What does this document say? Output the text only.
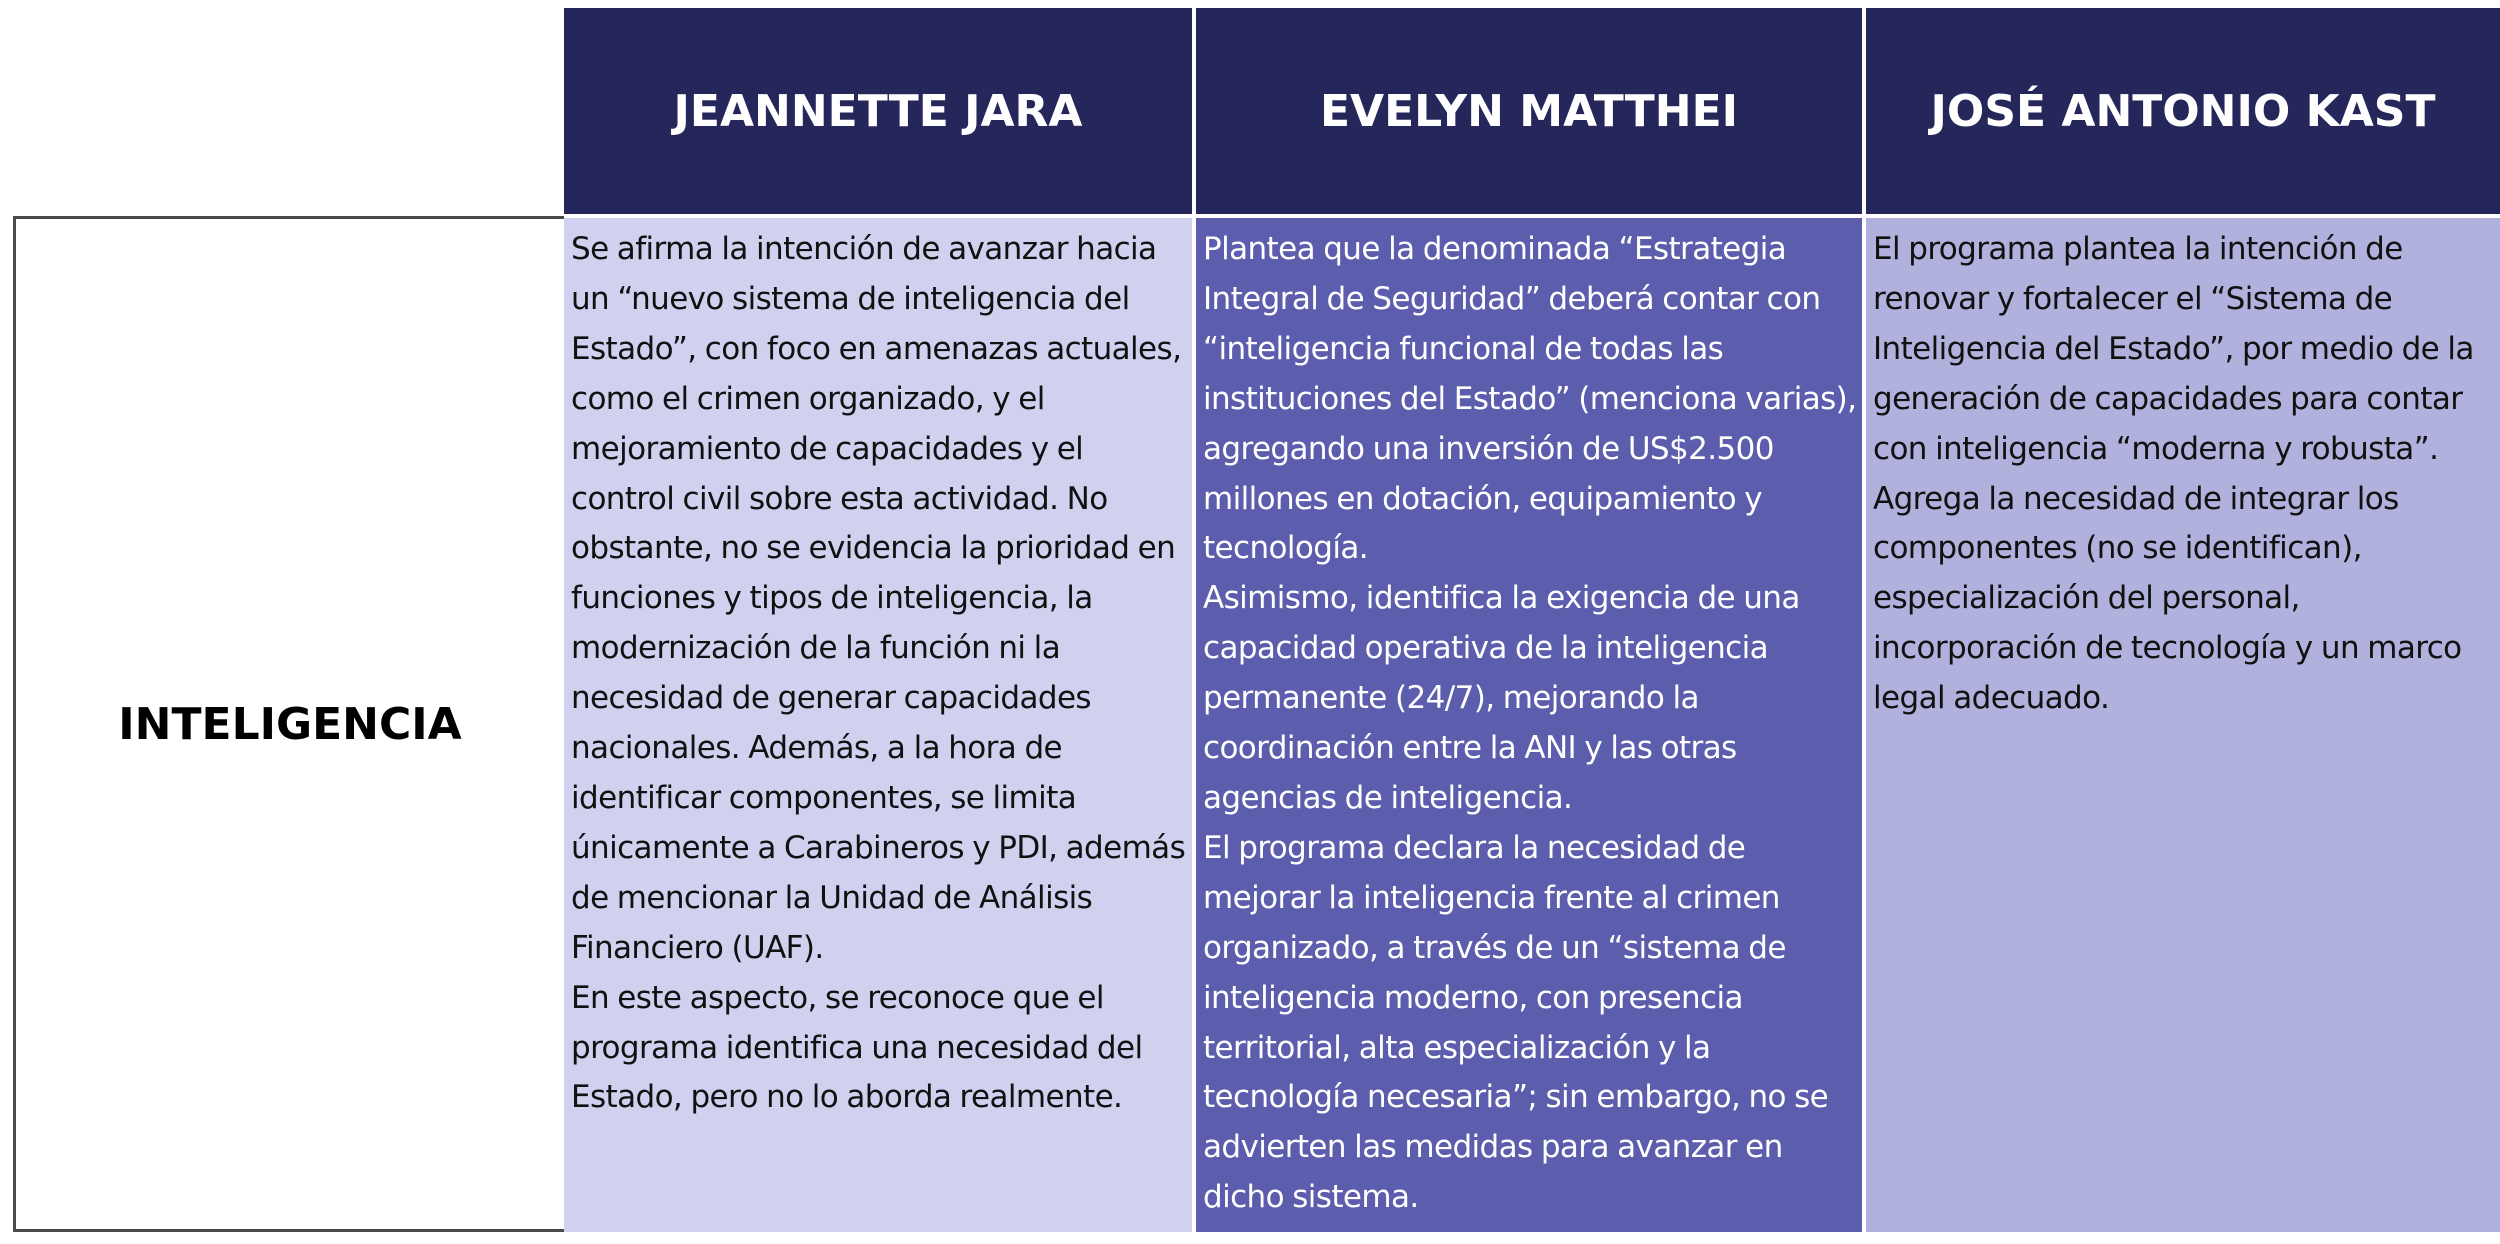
JEANNETTE JARA	EVELYN MATTHEI	JOSÉ ANTONIO KAST
INTELIGENCIA

Se afirma la intención de avanzar hacia un “nuevo sistema de inteligencia del Estado”, con foco en amenazas actuales, como el crimen organizado, y el mejoramiento de capacidades y el control civil sobre esta actividad. No obstante, no se evidencia la prioridad en funciones y tipos de inteligencia, la modernización de la función ni la necesidad de generar capacidades nacionales. Además, a la hora de identificar componentes, se limita únicamente a Carabineros y PDI, además de mencionar la Unidad de Análisis Financiero (UAF).

En este aspecto, se reconoce que el programa identifica una necesidad del Estado, pero no lo aborda realmente.

Plantea que la denominada “Estrategia Integral de Seguridad” deberá contar con “inteligencia funcional de todas las instituciones del Estado” (menciona varias), agregando una inversión de US$2.500 millones en dotación, equipamiento y tecnología.

Asimismo, identifica la exigencia de una capacidad operativa de la inteligencia permanente (24/7), mejorando la coordinación entre la ANI y las otras agencias de inteligencia.

El programa declara la necesidad de mejorar la inteligencia frente al crimen organizado, a través de un “sistema de inteligencia moderno, con presencia territorial, alta especialización y la tecnología necesaria”; sin embargo, no se advierten las medidas para avanzar en dicho sistema.

El programa plantea la intención de renovar y fortalecer el “Sistema de Inteligencia del Estado”, por medio de la generación de capacidades para contar con inteligencia “moderna y robusta”.

Agrega la necesidad de integrar los componentes (no se identifican), especialización del personal, incorporación de tecnología y un marco legal adecuado.
